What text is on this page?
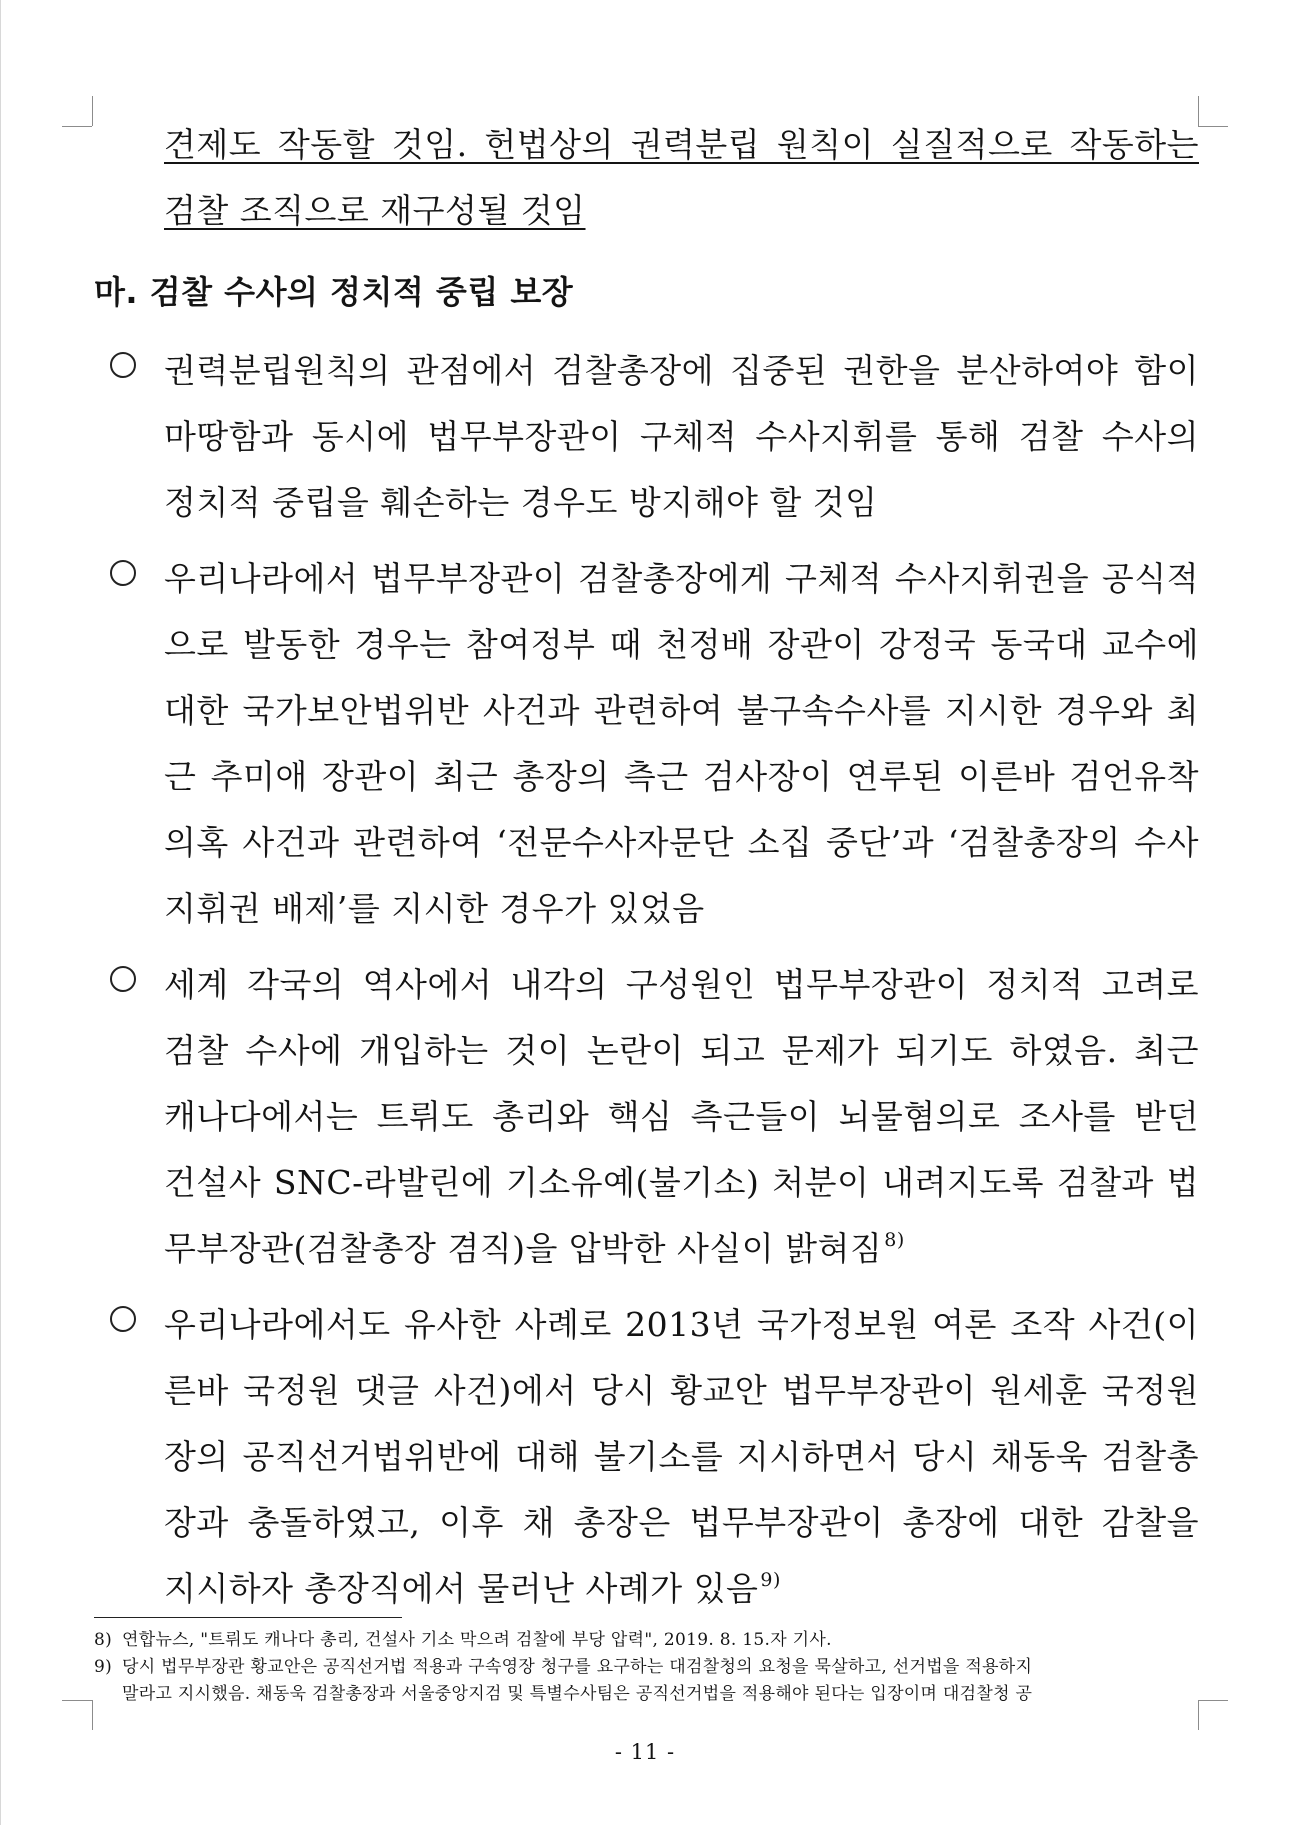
견제도 작동할 것임. 헌법상의 권력분립 원칙이 실질적으로 작동하는
검찰 조직으로 재구성될 것임
마. 검찰 수사의 정치적 중립 보장
권력분립원칙의 관점에서 검찰총장에 집중된 권한을 분산하여야 함이
마땅함과 동시에 법무부장관이 구체적 수사지휘를 통해 검찰 수사의
정치적 중립을 훼손하는 경우도 방지해야 할 것임
우리나라에서 법무부장관이 검찰총장에게 구체적 수사지휘권을 공식적
으로 발동한 경우는 참여정부 때 천정배 장관이 강정국 동국대 교수에
대한 국가보안법위반 사건과 관련하여 불구속수사를 지시한 경우와 최
근 추미애 장관이 최근 총장의 측근 검사장이 연루된 이른바 검언유착
의혹 사건과 관련하여 ‘전문수사자문단 소집 중단’과 ‘검찰총장의 수사
지휘권 배제’를 지시한 경우가 있었음
세계 각국의 역사에서 내각의 구성원인 법무부장관이 정치적 고려로
검찰 수사에 개입하는 것이 논란이 되고 문제가 되기도 하였음. 최근
캐나다에서는 트뤼도 총리와 핵심 측근들이 뇌물혐의로 조사를 받던
건설사 SNC-라발린에 기소유예(불기소) 처분이 내려지도록 검찰과 법
무부장관(검찰총장 겸직)을 압박한 사실이 밝혀짐 $^{8)}$
우리나라에서도 유사한 사례로 2013년 국가정보원 여론 조작 사건(이
른바 국정원 댓글 사건)에서 당시 황교안 법무부장관이 원세훈 국정원
장의 공직선거법위반에 대해 불기소를 지시하면서 당시 채동욱 검찰총
장과 충돌하였고, 이후 채 총장은 법무부장관이 총장에 대한 감찰을
지시하자 총장직에서 물러난 사례가 있음 $^{9)}$
8) 연합뉴스, "트뤼도 캐나다 총리, 건설사 기소 막으려 검찰에 부당 압력", 2019. 8. 15.자 기사.
9) 당시 법무부장관 황교안은 공직선거법 적용과 구속영장 청구를 요구하는 대검찰청의 요청을 묵살하고, 선거법을 적용하지
말라고 지시했음. 채동욱 검찰총장과 서울중앙지검 및 특별수사팀은 공직선거법을 적용해야 된다는 입장이며 대검찰청 공
- 11 -
